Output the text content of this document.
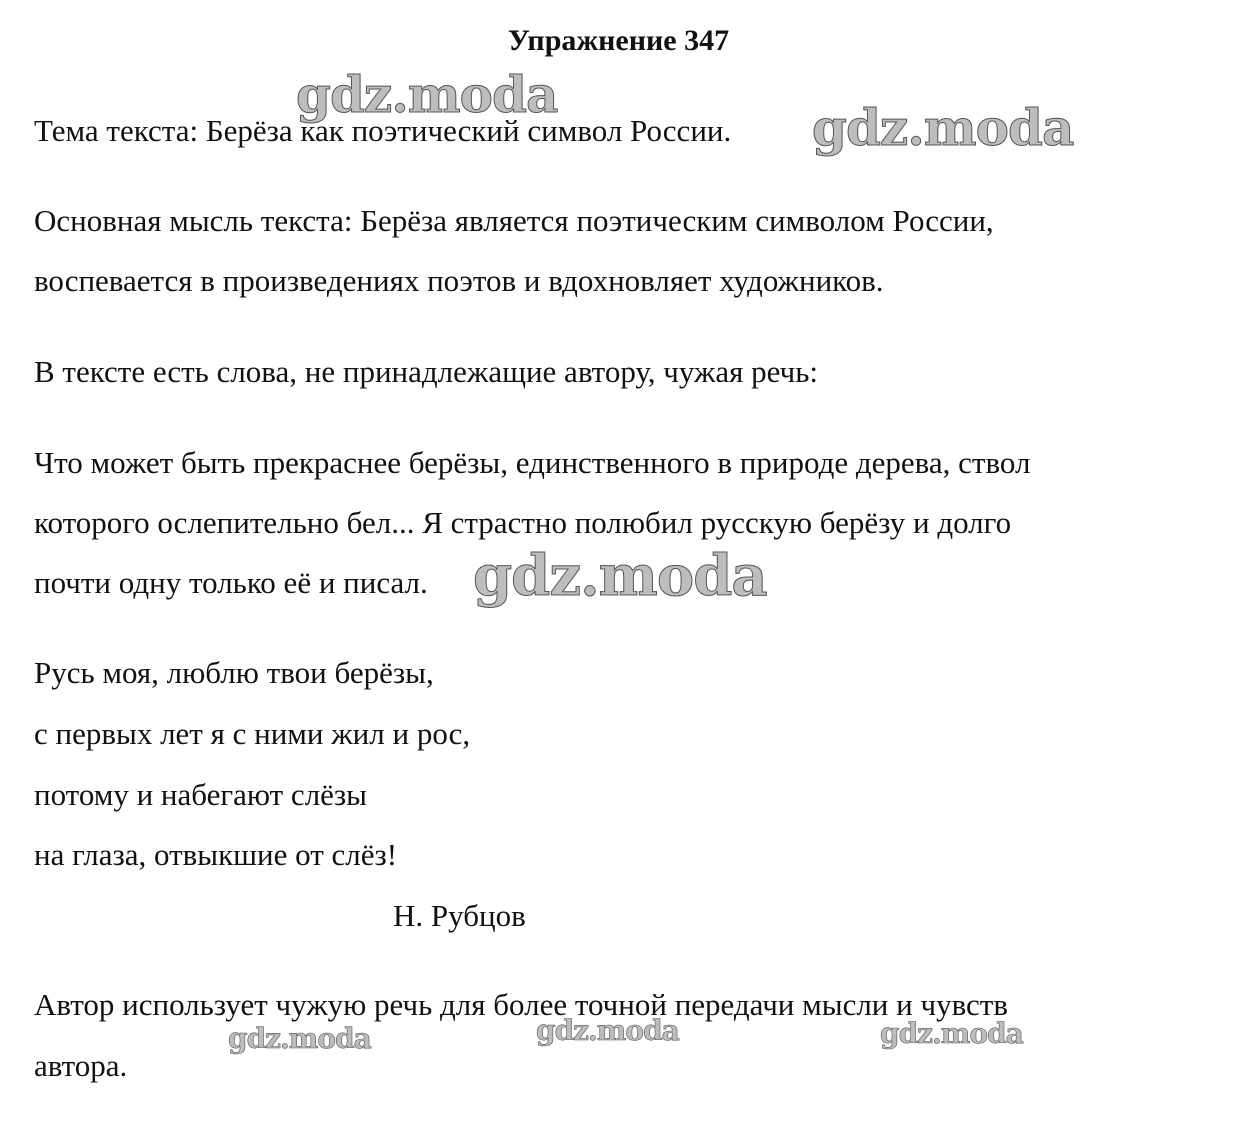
Упражнение 347
Тема текста: Берёза как поэтический символ России.
Основная мысль текста: Берёза является поэтическим символом России,
воспевается в произведениях поэтов и вдохновляет художников.
В тексте есть слова, не принадлежащие автору, чужая речь:
Что может быть прекраснее берёзы, единственного в природе дерева, ствол
которого ослепительно бел... Я страстно полюбил русскую берёзу и долго
почти одну только её и писал.
Русь моя, люблю твои берёзы,
с первых лет я с ними жил и рос,
потому и набегают слёзы
на глаза, отвыкшие от слёз!
Н. Рубцов
Автор использует чужую речь для более точной передачи мысли и чувств
автора.
gdz.moda
gdz.moda
gdz.moda
gdz.moda	gdz.moda	gdz.moda
